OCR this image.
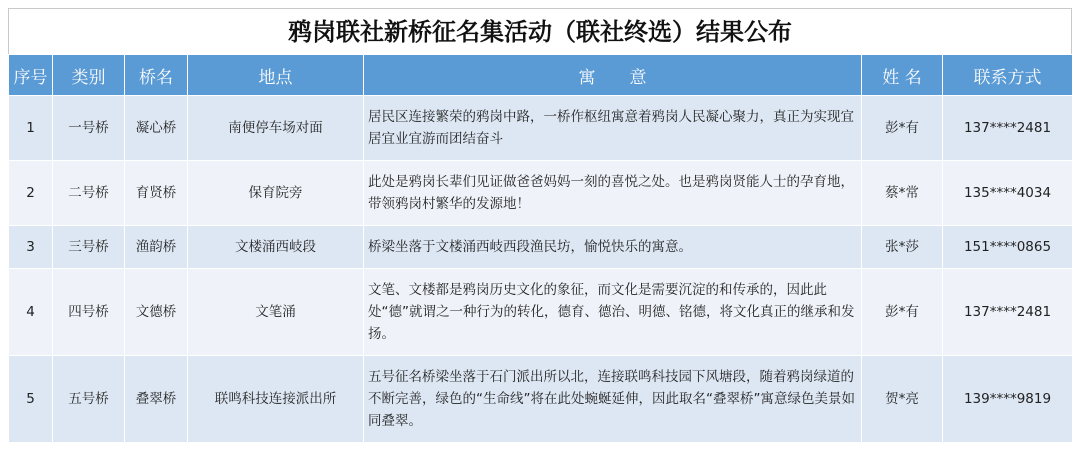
鸦岗联社新桥征名集活动（联社终选）结果公布
序号	类别	桥名	地点	寓　　意	姓 名	联系方式
1	一号桥	凝心桥	南便停车场对面	居民区连接繁荣的鸦岗中路，一桥作枢纽寓意着鸦岗人民凝心聚力，真正为实现宜居宜业宜游而团结奋斗	彭*有	137****2481
2	二号桥	育贤桥	保育院旁	此处是鸦岗长辈们见证做爸爸妈妈一刻的喜悦之处。也是鸦岗贤能人士的孕育地，带领鸦岗村繁华的发源地！	蔡*常	135****4034
3	三号桥	渔韵桥	文楼涌西岐段	桥梁坐落于文楼涌西岐西段渔民坊，愉悦快乐的寓意。	张*莎	151****0865
4	四号桥	文德桥	文笔涌	文笔、文楼都是鸦岗历史文化的象征，而文化是需要沉淀的和传承的，因此此处“德”就谓之一种行为的转化，德育、德治、明德、铭德，将文化真正的继承和发扬。	彭*有	137****2481
5	五号桥	叠翠桥	联鸣科技连接派出所	五号征名桥梁坐落于石门派出所以北，连接联鸣科技园下风塘段，随着鸦岗绿道的不断完善，绿色的“生命线”将在此处蜿蜒延伸，因此取名“叠翠桥”寓意绿色美景如同叠翠。	贺*亮	139****9819
